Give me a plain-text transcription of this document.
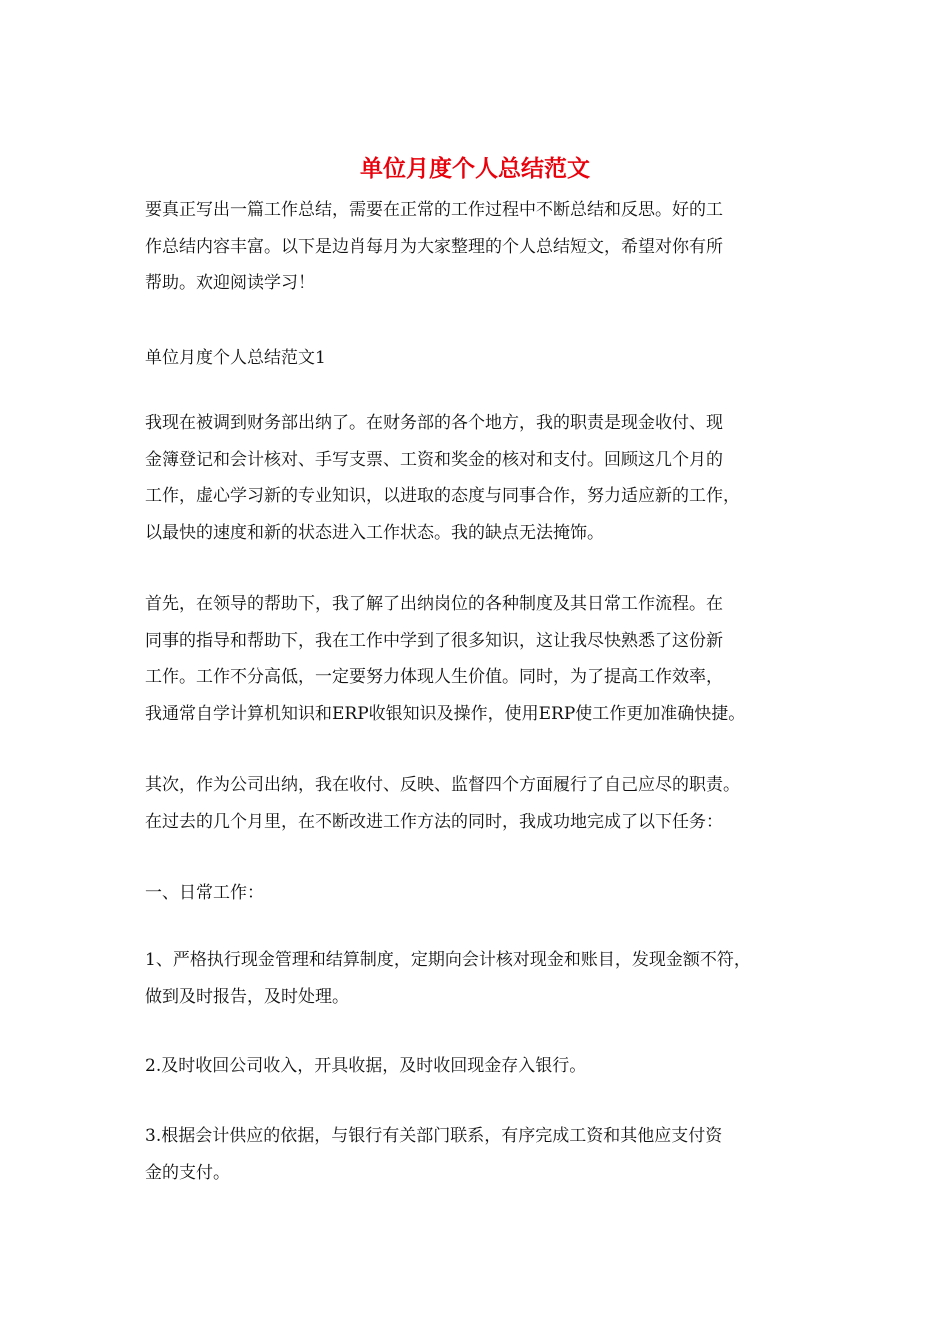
单位月度个人总结范文

要真正写出一篇工作总结，需要在正常的工作过程中不断总结和反思。好的工
作总结内容丰富。以下是边肖每月为大家整理的个人总结短文，希望对你有所
帮助。欢迎阅读学习！

单位月度个人总结范文1

我现在被调到财务部出纳了。在财务部的各个地方，我的职责是现金收付、现
金簿登记和会计核对、手写支票、工资和奖金的核对和支付。回顾这几个月的
工作，虚心学习新的专业知识，以进取的态度与同事合作，努力适应新的工作，
以最快的速度和新的状态进入工作状态。我的缺点无法掩饰。

首先，在领导的帮助下，我了解了出纳岗位的各种制度及其日常工作流程。在
同事的指导和帮助下，我在工作中学到了很多知识，这让我尽快熟悉了这份新
工作。工作不分高低，一定要努力体现人生价值。同时，为了提高工作效率，
我通常自学计算机知识和ERP收银知识及操作，使用ERP使工作更加准确快捷。

其次，作为公司出纳，我在收付、反映、监督四个方面履行了自己应尽的职责。
在过去的几个月里，在不断改进工作方法的同时，我成功地完成了以下任务：

一、日常工作：

1、严格执行现金管理和结算制度，定期向会计核对现金和账目，发现金额不符，
做到及时报告，及时处理。

2.及时收回公司收入，开具收据，及时收回现金存入银行。

3.根据会计供应的依据，与银行有关部门联系，有序完成工资和其他应支付资
金的支付。
